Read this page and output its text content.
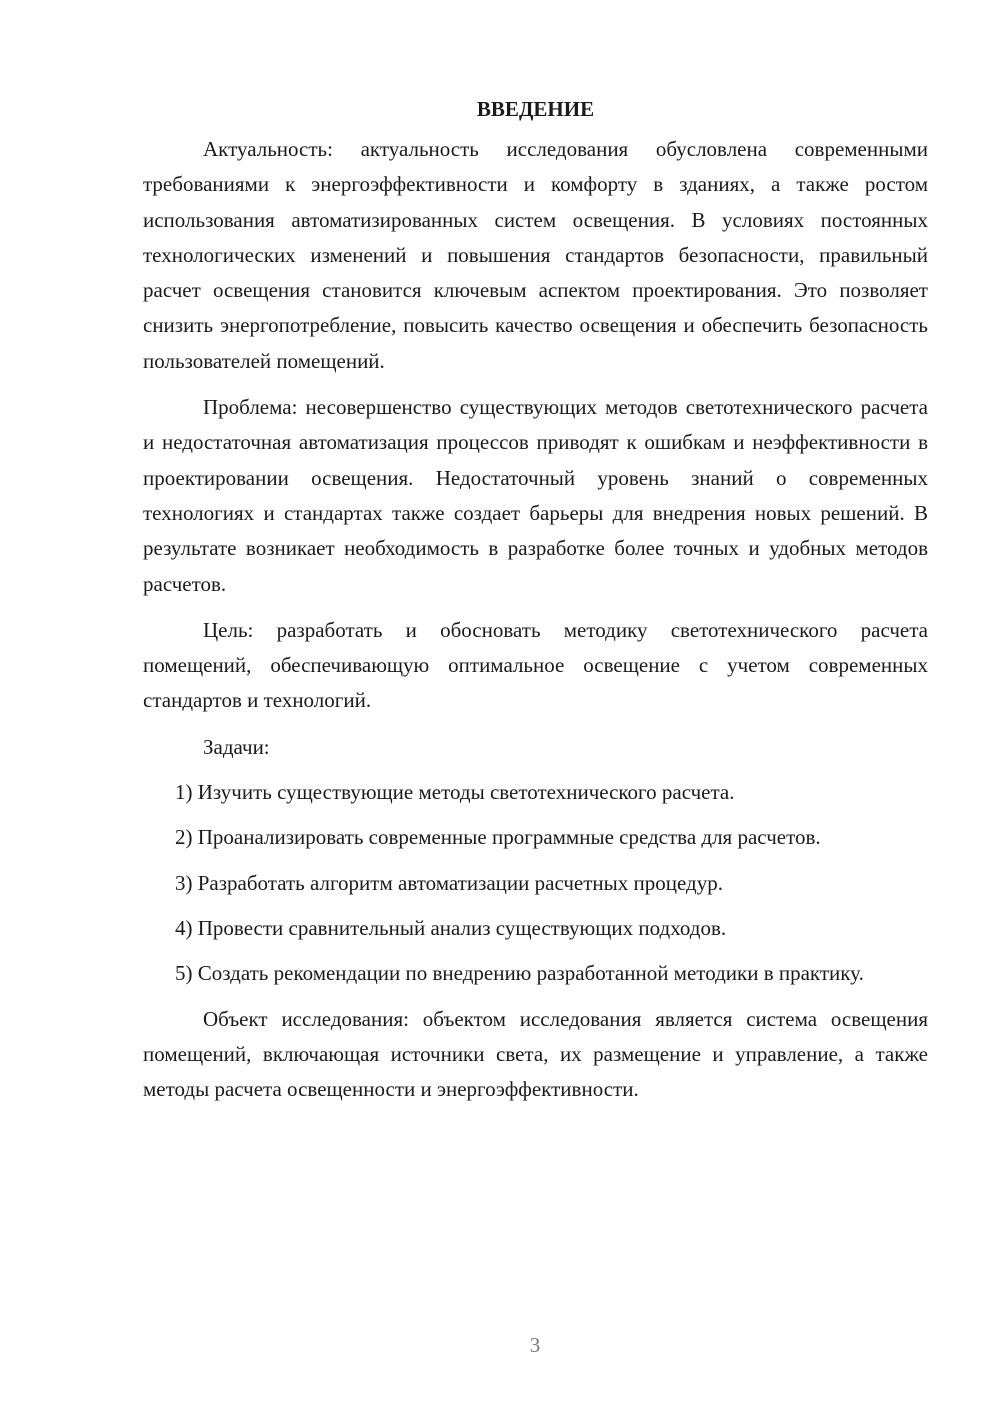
ВВЕДЕНИЕ

Актуальность: актуальность исследования обусловлена современными требованиями к энергоэффективности и комфорту в зданиях, а также ростом использования автоматизированных систем освещения. В условиях постоянных технологических изменений и повышения стандартов безопасности, правильный расчет освещения становится ключевым аспектом проектирования. Это позволяет снизить энергопотребление, повысить качество освещения и обеспечить безопасность пользователей помещений.

Проблема: несовершенство существующих методов светотехнического расчета и недостаточная автоматизация процессов приводят к ошибкам и неэффективности в проектировании освещения. Недостаточный уровень знаний о современных технологиях и стандартах также создает барьеры для внедрения новых решений. В результате возникает необходимость в разработке более точных и удобных методов расчетов.

Цель: разработать и обосновать методику светотехнического расчета помещений, обеспечивающую оптимальное освещение с учетом современных стандартов и технологий.

Задачи:

1) Изучить существующие методы светотехнического расчета.

2) Проанализировать современные программные средства для расчетов.

3) Разработать алгоритм автоматизации расчетных процедур.

4) Провести сравнительный анализ существующих подходов.

5) Создать рекомендации по внедрению разработанной методики в практику.

Объект исследования: объектом исследования является система освещения помещений, включающая источники света, их размещение и управление, а также методы расчета освещенности и энергоэффективности.

3
